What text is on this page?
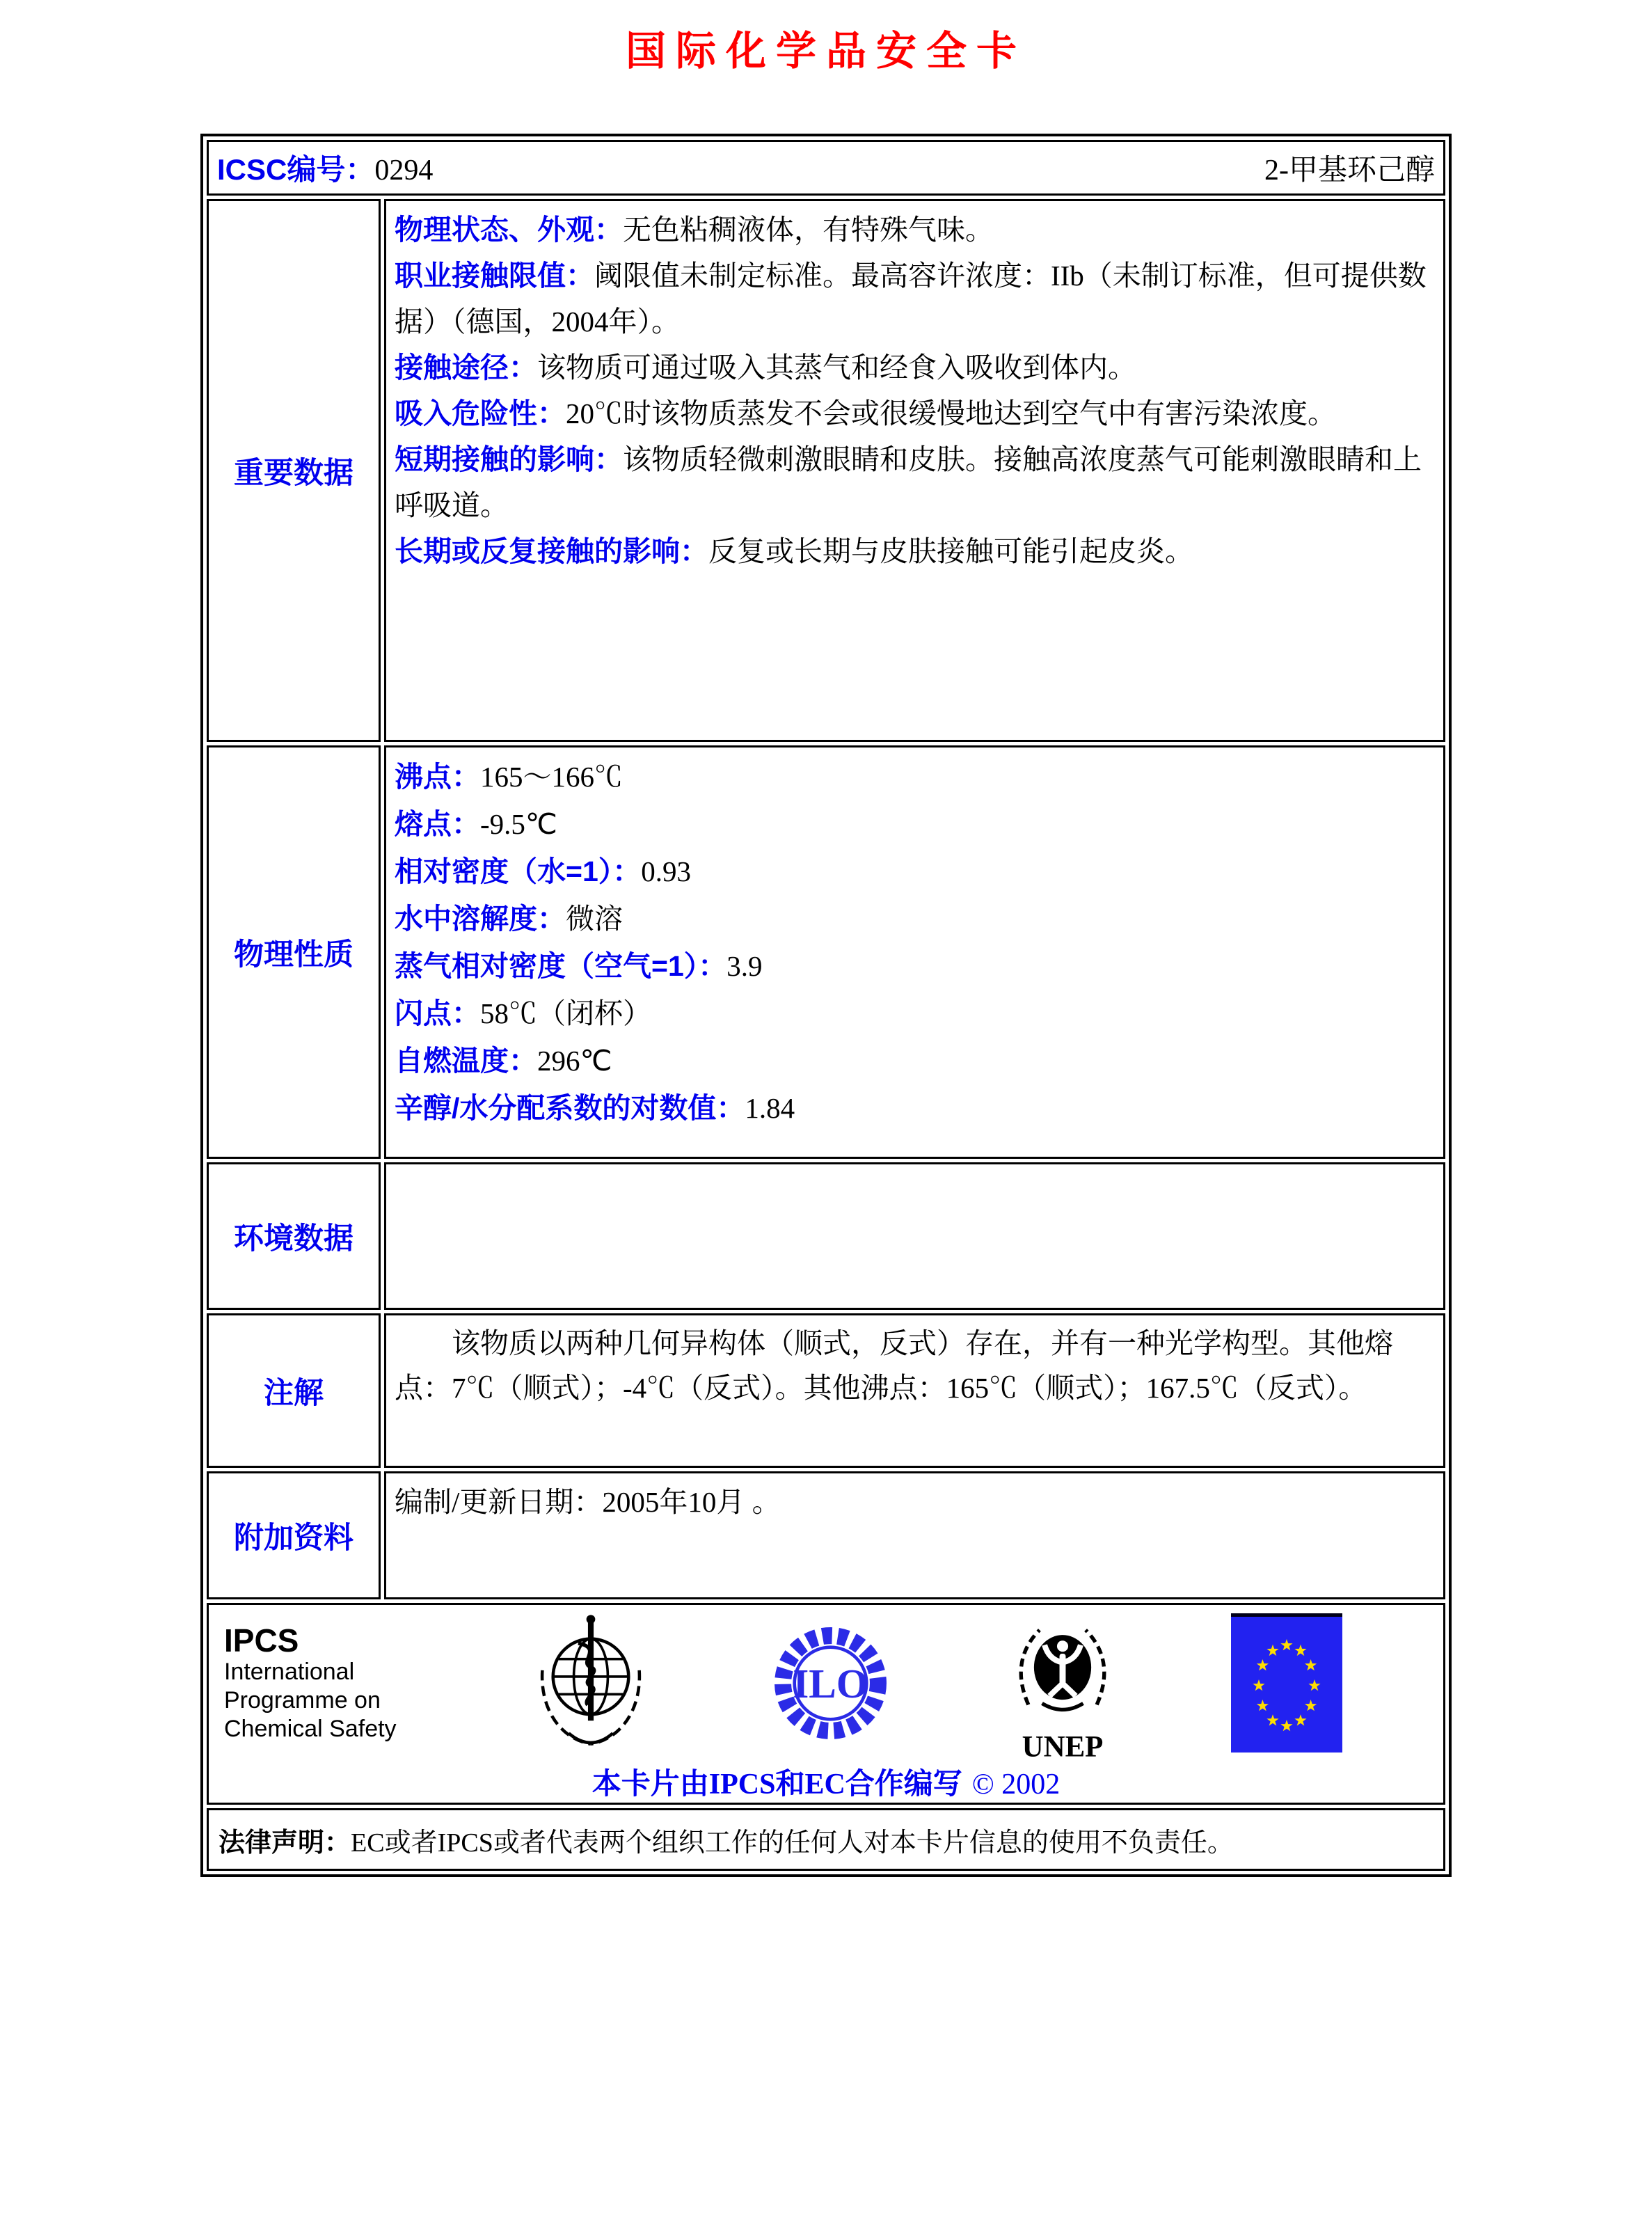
国际化学品安全卡
ICSC编号：0294 2-甲基环己醇	

重要数据	
物理状态、外观：无色粘稠液体，有特殊气味。
职业接触限值：阈限值未制定标准。最高容许浓度：IIb（未制订标准，但可提供数据）（德国，2004年）。
接触途径：该物质可通过吸入其蒸气和经食入吸收到体内。
吸入危险性：20℃时该物质蒸发不会或很缓慢地达到空气中有害污染浓度。
短期接触的影响：该物质轻微刺激眼睛和皮肤。接触高浓度蒸气可能刺激眼睛和上呼吸道。
长期或反复接触的影响：反复或长期与皮肤接触可能引起皮炎。

物理性质	
沸点：165～166℃
熔点：-9.5℃
相对密度（水=1）：0.93
水中溶解度：微溶
蒸气相对密度（空气=1）：3.9
闪点：58℃（闭杯）
自燃温度：296℃
辛醇/水分配系数的对数值：1.84

环境数据	
注解	该物质以两种几何异构体（顺式，反式）存在，并有一种光学构型。其他熔点：7℃（顺式）；-4℃（反式）。其他沸点：165℃（顺式）；167.5℃（反式）。

附加资料	编制/更新日期：2005年10月 。

IPCS
International
Programme on
Chemical Safety
ILO
UNEP
本卡片由IPCS和EC合作编写 © 2002

法律声明：EC或者IPCS或者代表两个组织工作的任何人对本卡片信息的使用不负责任。	
